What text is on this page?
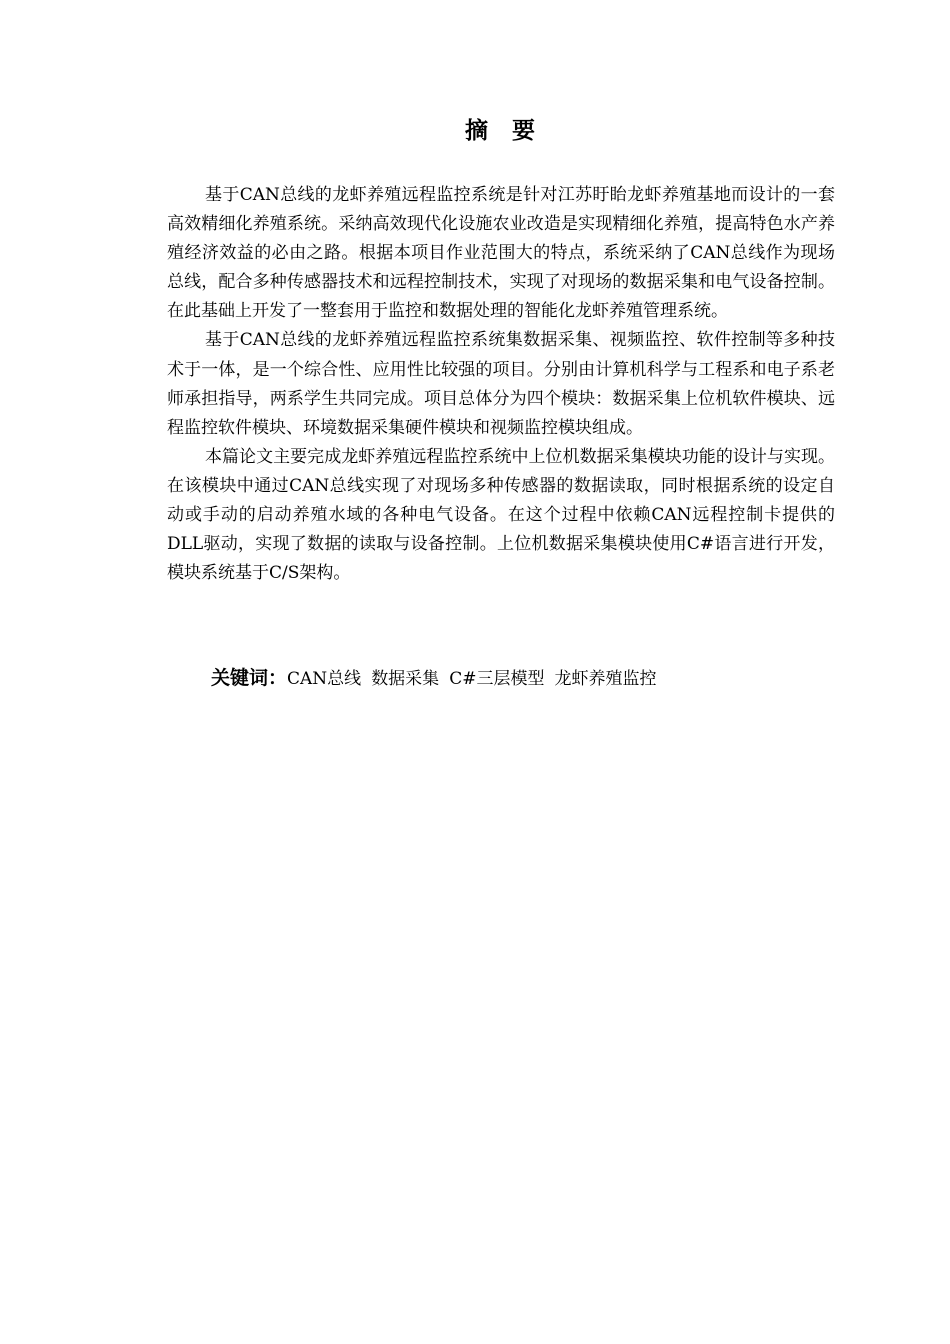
摘 要

基于CAN总线的龙虾养殖远程监控系统是针对江苏盱眙龙虾养殖基地而设计的一套高效精细化养殖系统。采纳高效现代化设施农业改造是实现精细化养殖，提高特色水产养殖经济效益的必由之路。根据本项目作业范围大的特点，系统采纳了CAN总线作为现场总线，配合多种传感器技术和远程控制技术，实现了对现场的数据采集和电气设备控制。在此基础上开发了一整套用于监控和数据处理的智能化龙虾养殖管理系统。

基于CAN总线的龙虾养殖远程监控系统集数据采集、视频监控、软件控制等多种技术于一体，是一个综合性、应用性比较强的项目。分别由计算机科学与工程系和电子系老师承担指导，两系学生共同完成。项目总体分为四个模块：数据采集上位机软件模块、远程监控软件模块、环境数据采集硬件模块和视频监控模块组成。

本篇论文主要完成龙虾养殖远程监控系统中上位机数据采集模块功能的设计与实现。在该模块中通过CAN总线实现了对现场多种传感器的数据读取，同时根据系统的设定自动或手动的启动养殖水域的各种电气设备。在这个过程中依赖CAN远程控制卡提供的DLL驱动，实现了数据的读取与设备控制。上位机数据采集模块使用C#语言进行开发，模块系统基于C/S架构。

关键词：CAN总线 数据采集 C#三层模型 龙虾养殖监控
